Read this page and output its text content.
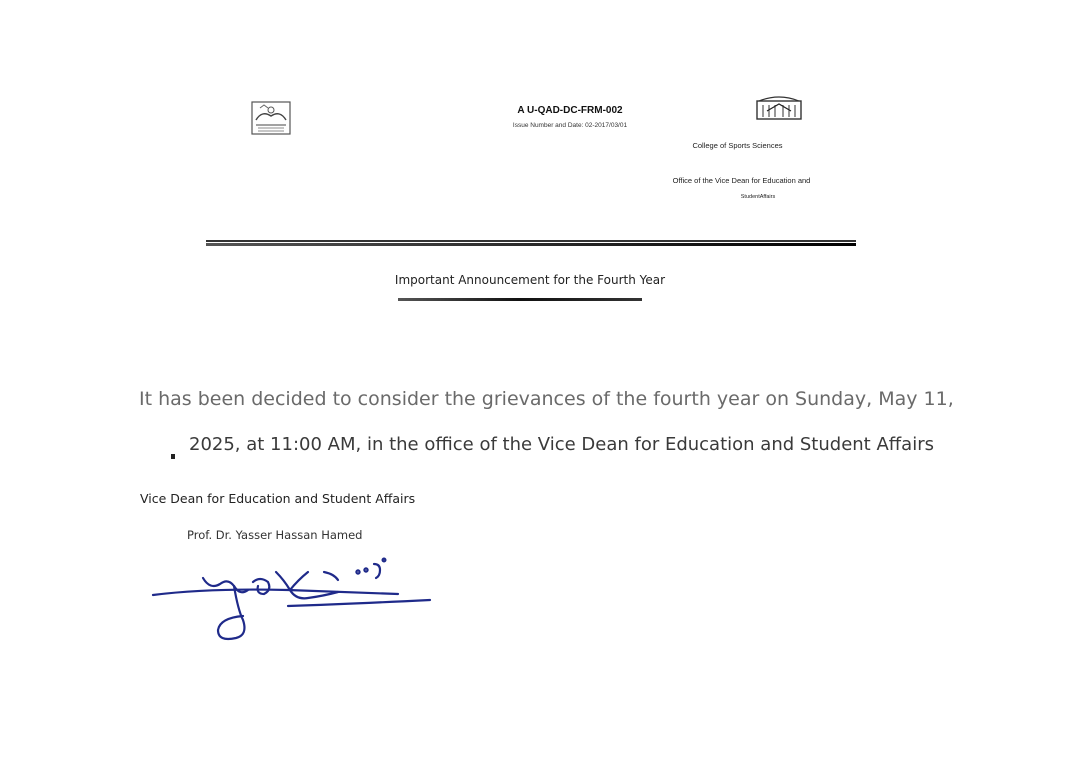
A U-QAD-DC-FRM-002
Issue Number and Date: 02-2017/03/01
College of Sports Sciences
Office of the Vice Dean for Education and
StudentAffairs
Important Announcement for the Fourth Year
It has been decided to consider the grievances of the fourth year on Sunday, May 11,
2025, at 11:00 AM, in the office of the Vice Dean for Education and Student Affairs
Vice Dean for Education and Student Affairs
Prof. Dr. Yasser Hassan Hamed
